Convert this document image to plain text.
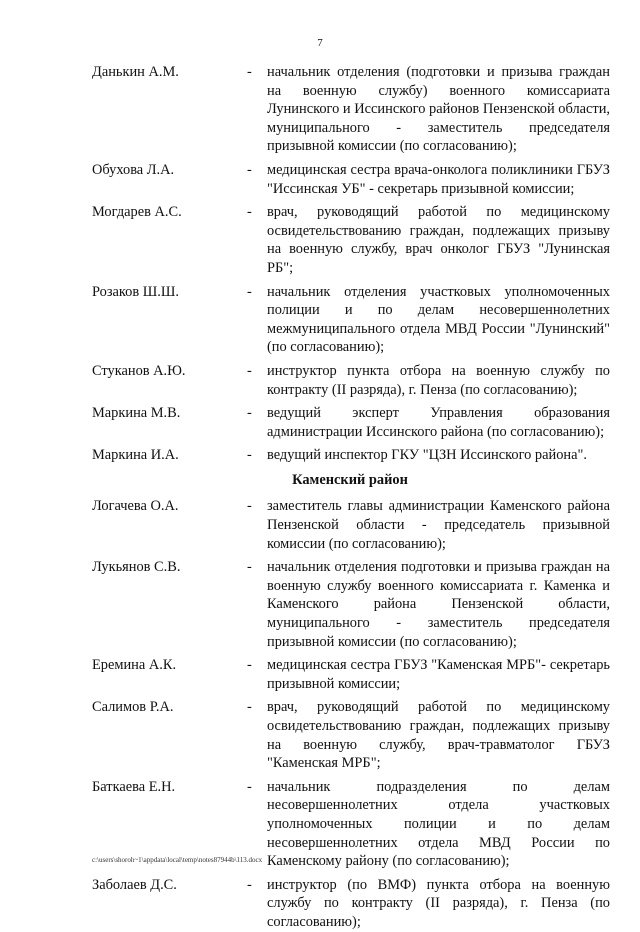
7
Данькин А.М.	- начальник отделения (подготовки и призыва граждан на военную службу) военного комиссариата Лунинского и Иссинского районов Пензенской области, муниципального - заместитель председателя призывной комиссии (по согласованию);
Обухова Л.А.	- медицинская сестра врача-онколога поликлиники ГБУЗ "Иссинская УБ" - секретарь призывной комиссии;
Могдарев А.С.	- врач, руководящий работой по медицинскому освидетельствованию граждан, подлежащих призыву на военную службу, врач онколог ГБУЗ "Лунинская РБ";
Розаков Ш.Ш.	- начальник отделения участковых уполномоченных полиции и по делам несовершеннолетних межмуниципального отдела МВД России "Лунинский" (по согласованию);
Стуканов А.Ю.	- инструктор пункта отбора на военную службу по контракту (II разряда), г. Пенза (по согласованию);
Маркина М.В.	- ведущий эксперт Управления образования администрации Иссинского района (по согласованию);
Маркина И.А.	- ведущий инспектор ГКУ "ЦЗН Иссинского района".
Каменский район
Логачева О.А.	- заместитель главы администрации Каменского района Пензенской области - председатель призывной комиссии (по согласованию);
Лукьянов С.В.	- начальник отделения подготовки и призыва граждан на военную службу военного комиссариата г. Каменка и Каменского района Пензенской области, муниципального - заместитель председателя призывной комиссии (по согласованию);
Еремина А.К.	- медицинская сестра ГБУЗ "Каменская МРБ"- секретарь призывной комиссии;
Салимов Р.А.	- врач, руководящий работой по медицинскому освидетельствованию граждан, подлежащих призыву на военную службу, врач-травматолог ГБУЗ "Каменская МРБ";
Баткаева Е.Н.	- начальник подразделения по делам несовершеннолетних отдела участковых уполномоченных полиции и по делам несовершеннолетних отдела МВД России по Каменскому району (по согласованию);
Заболаев Д.С.	- инструктор (по ВМФ) пункта отбора на военную службу по контракту (II разряда), г. Пенза (по согласованию);
c:\users\shoroh~1\appdata\local\temp\notes87944b\113.docx
